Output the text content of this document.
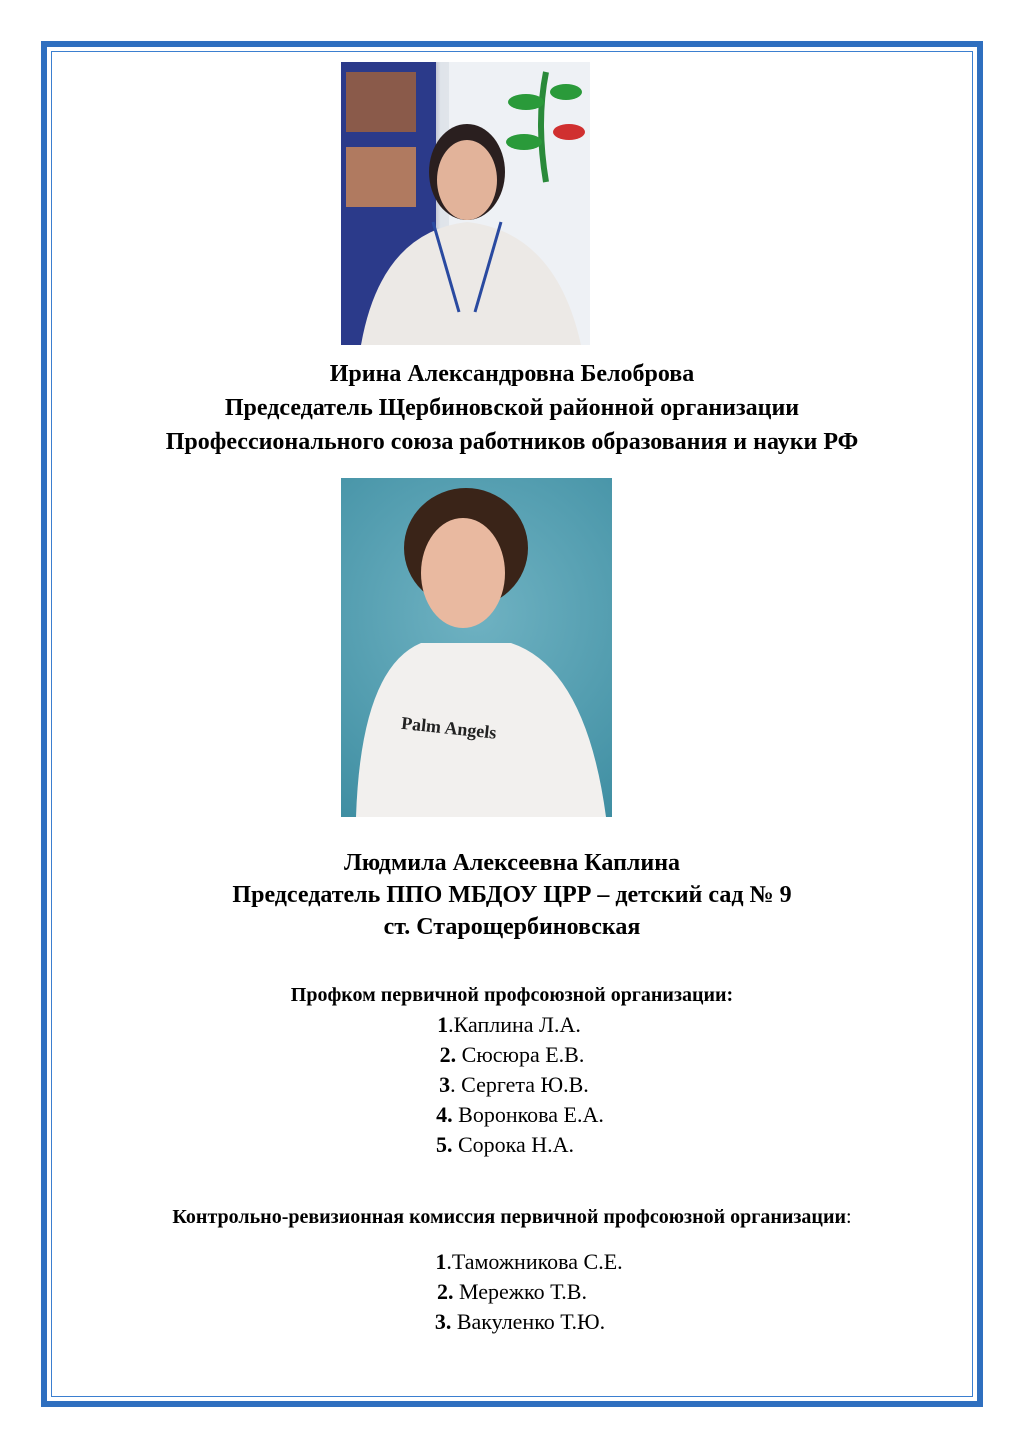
Ирина Александровна Белоброва
Председатель Щербиновской районной организации
Профессионального союза работников образования и науки РФ
Palm Angels
Людмила Алексеевна Каплина
Председатель ППО МБДОУ ЦРР – детский сад № 9
ст. Старощербиновская
Профком первичной профсоюзной организации:
1.Каплина Л.А.
2. Сюсюра Е.В.
3. Сергета Ю.В.
4. Воронкова Е.А.
5. Сорока Н.А.
Контрольно-ревизионная комиссия первичной профсоюзной организации:
1.Таможникова С.Е.
2. Мережко Т.В.
3. Вакуленко Т.Ю.
